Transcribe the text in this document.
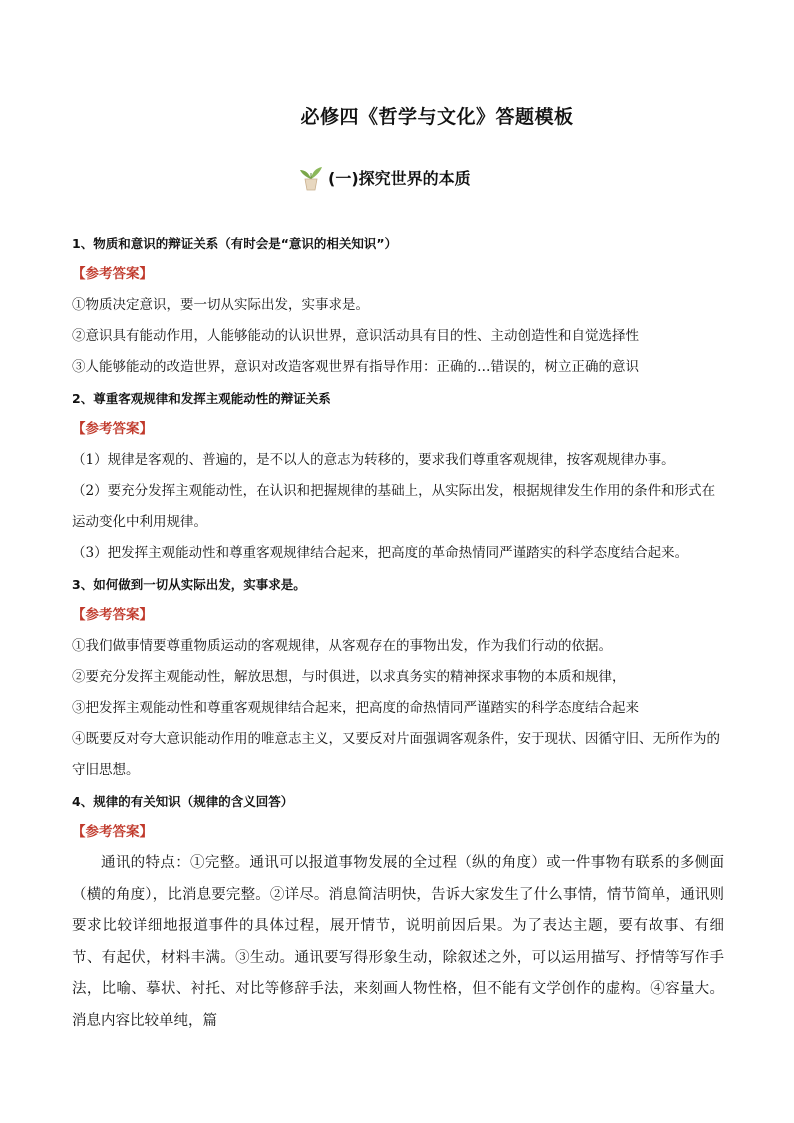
必修四《哲学与文化》答题模板
(一)探究世界的本质

1、物质和意识的辩证关系（有时会是“意识的相关知识”）

【参考答案】

①物质决定意识，要一切从实际出发，实事求是。

②意识具有能动作用，人能够能动的认识世界，意识活动具有目的性、主动创造性和自觉选择性

③人能够能动的改造世界，意识对改造客观世界有指导作用：正确的…错误的，树立正确的意识

2、尊重客观规律和发挥主观能动性的辩证关系

【参考答案】

（1）规律是客观的、普遍的，是不以人的意志为转移的，要求我们尊重客观规律，按客观规律办事。

（2）要充分发挥主观能动性，在认识和把握规律的基础上，从实际出发，根据规律发生作用的条件和形式在运动变化中利用规律。

（3）把发挥主观能动性和尊重客观规律结合起来，把高度的革命热情同严谨踏实的科学态度结合起来。

3、如何做到一切从实际出发，实事求是。

【参考答案】

①我们做事情要尊重物质运动的客观规律，从客观存在的事物出发，作为我们行动的依据。

②要充分发挥主观能动性，解放思想，与时俱进，以求真务实的精神探求事物的本质和规律，

③把发挥主观能动性和尊重客观规律结合起来，把高度的命热情同严谨踏实的科学态度结合起来

④既要反对夸大意识能动作用的唯意志主义，又要反对片面强调客观条件，安于现状、因循守旧、无所作为的守旧思想。

4、规律的有关知识（规律的含义回答）

【参考答案】

通讯的特点：①完整。通讯可以报道事物发展的全过程（纵的角度）或一件事物有联系的多侧面（横的角度），比消息要完整。②详尽。消息简洁明快，告诉大家发生了什么事情，情节简单，通讯则要求比较详细地报道事件的具体过程，展开情节，说明前因后果。为了表达主题，要有故事、有细节、有起伏，材料丰满。③生动。通讯要写得形象生动，除叙述之外，可以运用描写、抒情等写作手法，比喻、摹状、衬托、对比等修辞手法，来刻画人物性格，但不能有文学创作的虚构。④容量大。消息内容比较单纯，篇
